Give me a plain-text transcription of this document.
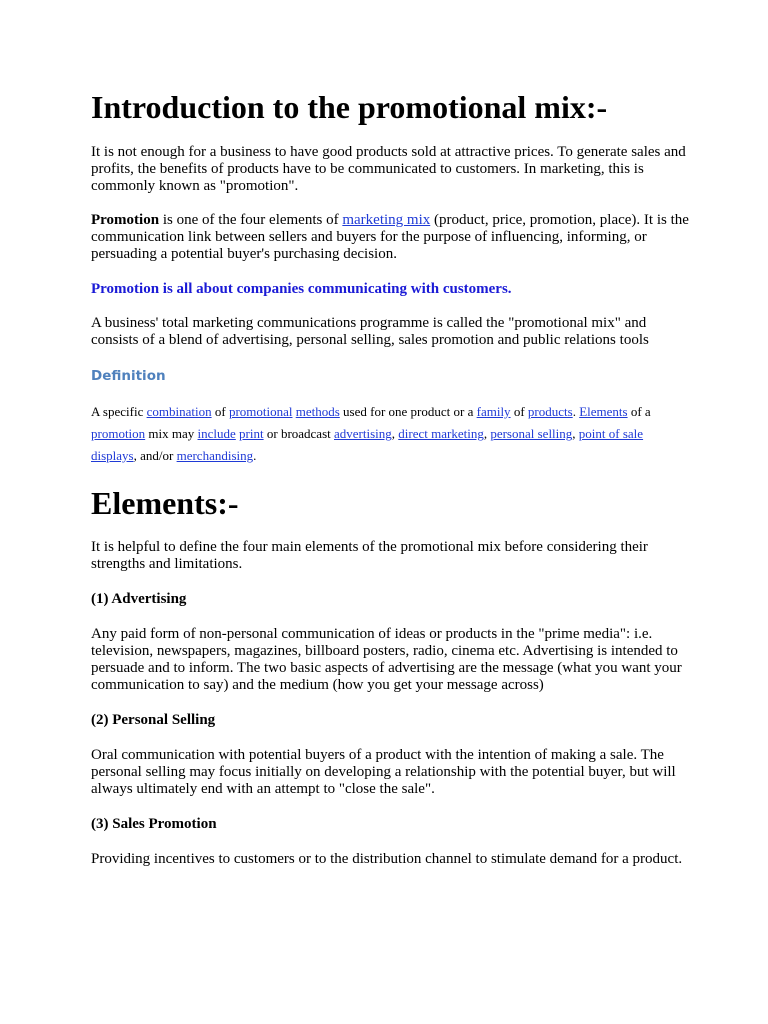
Introduction to the promotional mix:-

It is not enough for a business to have good products sold at attractive prices. To generate sales and profits, the benefits of products have to be communicated to customers. In marketing, this is commonly known as "promotion".

Promotion is one of the four elements of marketing mix (product, price, promotion, place). It is the communication link between sellers and buyers for the purpose of influencing, informing, or persuading a potential buyer's purchasing decision.

Promotion is all about companies communicating with customers.

A business' total marketing communications programme is called the "promotional mix" and consists of a blend of advertising, personal selling, sales promotion and public relations tools

Definition

A specific combination of promotional methods used for one product or a family of products. Elements of a promotion mix may include print or broadcast advertising, direct marketing, personal selling, point of sale displays, and/or merchandising.

Elements:-

It is helpful to define the four main elements of the promotional mix before considering their strengths and limitations.

(1) Advertising

Any paid form of non-personal communication of ideas or products in the "prime media": i.e. television, newspapers, magazines, billboard posters, radio, cinema etc. Advertising is intended to persuade and to inform. The two basic aspects of advertising are the message (what you want your communication to say) and the medium (how you get your message across)

(2) Personal Selling

Oral communication with potential buyers of a product with the intention of making a sale. The personal selling may focus initially on developing a relationship with the potential buyer, but will always ultimately end with an attempt to "close the sale".

(3) Sales Promotion

Providing incentives to customers or to the distribution channel to stimulate demand for a product.
